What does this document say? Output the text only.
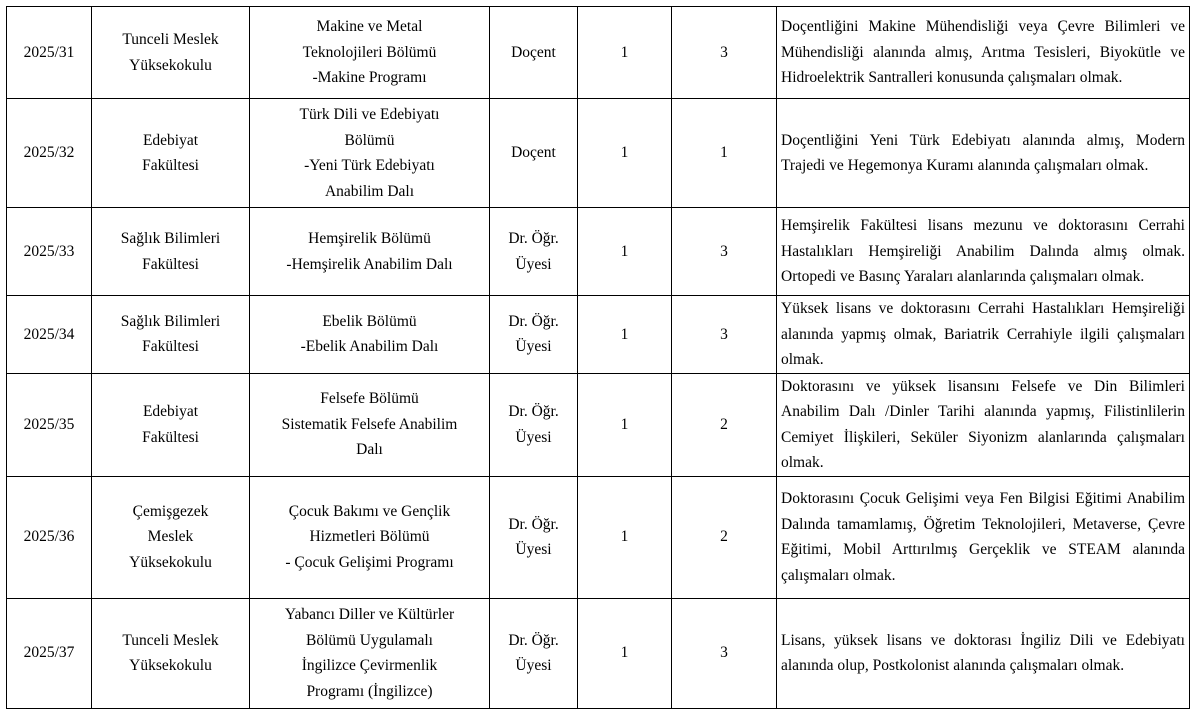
2025/31	Tunceli Meslek
Yüksekokulu	Makine ve Metal
Teknolojileri Bölümü
-Makine Programı	Doçent	1	3	Doçentliğini Makine Mühendisliği veya Çevre Bilimleri ve Mühendisliği alanında almış, Arıtma Tesisleri, Biyokütle ve Hidroelektrik Santralleri konusunda çalışmaları olmak.
2025/32	Edebiyat
Fakültesi	Türk Dili ve Edebiyatı
Bölümü
-Yeni Türk Edebiyatı
Anabilim Dalı	Doçent	1	1	Doçentliğini Yeni Türk Edebiyatı alanında almış, Modern Trajedi ve Hegemonya Kuramı alanında çalışmaları olmak.
2025/33	Sağlık Bilimleri
Fakültesi	Hemşirelik Bölümü
-Hemşirelik Anabilim Dalı	Dr. Öğr.
Üyesi	1	3	Hemşirelik Fakültesi lisans mezunu ve doktorasını Cerrahi Hastalıkları Hemşireliği Anabilim Dalında almış olmak. Ortopedi ve Basınç Yaraları alanlarında çalışmaları olmak.
2025/34	Sağlık Bilimleri
Fakültesi	Ebelik Bölümü
-Ebelik Anabilim Dalı	Dr. Öğr.
Üyesi	1	3	Yüksek lisans ve doktorasını Cerrahi Hastalıkları Hemşireliği alanında yapmış olmak, Bariatrik Cerrahiyle ilgili çalışmaları olmak.
2025/35	Edebiyat
Fakültesi	Felsefe Bölümü
Sistematik Felsefe Anabilim
Dalı	Dr. Öğr.
Üyesi	1	2	Doktorasını ve yüksek lisansını Felsefe ve Din Bilimleri Anabilim Dalı /Dinler Tarihi alanında yapmış, Filistinlilerin Cemiyet İlişkileri, Seküler Siyonizm alanlarında çalışmaları olmak.
2025/36	Çemişgezek
Meslek
Yüksekokulu	Çocuk Bakımı ve Gençlik
Hizmetleri Bölümü
- Çocuk Gelişimi Programı	Dr. Öğr.
Üyesi	1	2	Doktorasını Çocuk Gelişimi veya Fen Bilgisi Eğitimi Anabilim Dalında tamamlamış, Öğretim Teknolojileri, Metaverse, Çevre Eğitimi, Mobil Arttırılmış Gerçeklik ve STEAM alanında çalışmaları olmak.
2025/37	Tunceli Meslek
Yüksekokulu	Yabancı Diller ve Kültürler
Bölümü Uygulamalı
İngilizce Çevirmenlik
Programı (İngilizce)	Dr. Öğr.
Üyesi	1	3	Lisans, yüksek lisans ve doktorası İngiliz Dili ve Edebiyatı alanında olup, Postkolonist alanında çalışmaları olmak.
